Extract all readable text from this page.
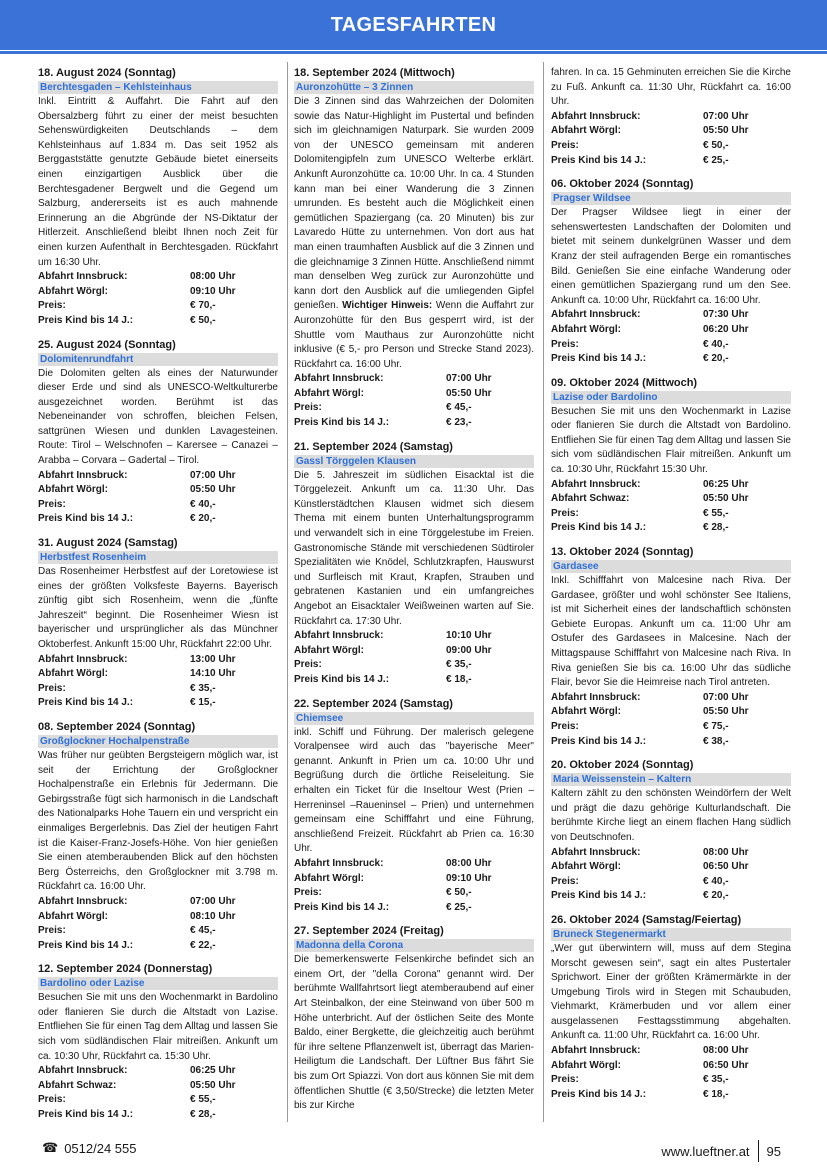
TAGESFAHRTEN
18. August 2024 (Sonntag)
Berchtesgaden – Kehlsteinhaus
Inkl. Eintritt & Auffahrt. Die Fahrt auf den Obersalzberg führt zu einer der meist besuchten Sehenswürdigkeiten Deutschlands – dem Kehlsteinhaus auf 1.834 m. Das seit 1952 als Berggaststätte genutzte Gebäude bietet einerseits einen einzigartigen Ausblick über die Berchtesgadener Bergwelt und die Gegend um Salzburg, andererseits ist es auch mahnende Erinnerung an die Abgründe der NS-Diktatur der Hitlerzeit. Anschließend bleibt Ihnen noch Zeit für einen kurzen Aufenthalt in Berchtesgaden. Rückfahrt um 16:30 Uhr.
Abfahrt Innsbruck:	08:00 Uhr
Abfahrt Wörgl:	09:10 Uhr
Preis:	€ 70,-
Preis Kind bis 14 J.:	€ 50,-
25. August 2024 (Sonntag)
Dolomitenrundfahrt
Die Dolomiten gelten als eines der Naturwunder dieser Erde und sind als UNESCO-Weltkulturerbe ausgezeichnet worden. Berühmt ist das Nebeneinander von schroffen, bleichen Felsen, sattgrünen Wiesen und dunklen Lavagesteinen. Route: Tirol – Welschnofen – Karersee – Canazei – Arabba – Corvara – Gadertal – Tirol.
Abfahrt Innsbruck:	07:00 Uhr
Abfahrt Wörgl:	05:50 Uhr
Preis:	€ 40,-
Preis Kind bis 14 J.:	€ 20,-
31. August 2024 (Samstag)
Herbstfest Rosenheim
Das Rosenheimer Herbstfest auf der Loretowiese ist eines der größten Volksfeste Bayerns. Bayerisch zünftig gibt sich Rosenheim, wenn die „fünfte Jahreszeit“ beginnt. Die Rosenheimer Wiesn ist bayerischer und ursprünglicher als das Münchner Oktoberfest. Ankunft 15:00 Uhr, Rückfahrt 22:00 Uhr.
Abfahrt Innsbruck:	13:00 Uhr
Abfahrt Wörgl:	14:10 Uhr
Preis:	€ 35,-
Preis Kind bis 14 J.:	€ 15,-
08. September 2024 (Sonntag)
Großglockner Hochalpenstraße
Was früher nur geübten Bergsteigern möglich war, ist seit der Errichtung der Großglockner Hochalpenstraße ein Erlebnis für Jedermann. Die Gebirgsstraße fügt sich harmonisch in die Landschaft des Nationalparks Hohe Tauern ein und verspricht ein einmaliges Bergerlebnis. Das Ziel der heutigen Fahrt ist die Kaiser-Franz-Josefs-Höhe. Von hier genießen Sie einen atemberaubenden Blick auf den höchsten Berg Österreichs, den Großglockner mit 3.798 m. Rückfahrt ca. 16:00 Uhr.
Abfahrt Innsbruck:	07:00 Uhr
Abfahrt Wörgl:	08:10 Uhr
Preis:	€ 45,-
Preis Kind bis 14 J.:	€ 22,-
12. September 2024 (Donnerstag)
Bardolino oder Lazise
Besuchen Sie mit uns den Wochenmarkt in Bardolino oder flanieren Sie durch die Altstadt von Lazise. Entfliehen Sie für einen Tag dem Alltag und lassen Sie sich vom südländischen Flair mitreißen. Ankunft um ca. 10:30 Uhr, Rückfahrt ca. 15:30 Uhr.
Abfahrt Innsbruck:	06:25 Uhr
Abfahrt Schwaz:	05:50 Uhr
Preis:	€ 55,-
Preis Kind bis 14 J.:	€ 28,-
18. September 2024 (Mittwoch)
Auronzohütte – 3 Zinnen
Die 3 Zinnen sind das Wahrzeichen der Dolomiten sowie das Natur-Highlight im Pustertal und befinden sich im gleichnamigen Naturpark. Sie wurden 2009 von der UNESCO gemeinsam mit anderen Dolomitengipfeln zum UNESCO Welterbe erklärt. Ankunft Auronzohütte ca. 10:00 Uhr. In ca. 4 Stunden kann man bei einer Wanderung die 3 Zinnen umrunden. Es besteht auch die Möglichkeit einen gemütlichen Spaziergang (ca. 20 Minuten) bis zur Lavaredo Hütte zu unternehmen. Von dort aus hat man einen traumhaften Ausblick auf die 3 Zinnen und die gleichnamige 3 Zinnen Hütte. Anschließend nimmt man denselben Weg zurück zur Auronzohütte und kann dort den Ausblick auf die umliegenden Gipfel genießen. Wichtiger Hinweis: Wenn die Auffahrt zur Auronzohütte für den Bus gesperrt wird, ist der Shuttle vom Mauthaus zur Auronzohütte nicht inklusive (€ 5,- pro Person und Strecke Stand 2023). Rückfahrt ca. 16:00 Uhr.
Abfahrt Innsbruck:	07:00 Uhr
Abfahrt Wörgl:	05:50 Uhr
Preis:	€ 45,-
Preis Kind bis 14 J.:	€ 23,-
21. September 2024 (Samstag)
Gassl Törggelen Klausen
Die 5. Jahreszeit im südlichen Eisacktal ist die Törggelezeit. Ankunft um ca. 11:30 Uhr. Das Künstlerstädtchen Klausen widmet sich diesem Thema mit einem bunten Unterhaltungsprogramm und verwandelt sich in eine Törggelestube im Freien. Gastronomische Stände mit verschiedenen Südtiroler Spezialitäten wie Knödel, Schlutzkrapfen, Hauswurst und Surfleisch mit Kraut, Krapfen, Strauben und gebratenen Kastanien und ein umfangreiches Angebot an Eisacktaler Weißweinen warten auf Sie. Rückfahrt ca. 17:30 Uhr.
Abfahrt Innsbruck:	10:10 Uhr
Abfahrt Wörgl:	09:00 Uhr
Preis:	€ 35,-
Preis Kind bis 14 J.:	€ 18,-
22. September 2024 (Samstag)
Chiemsee
inkl. Schiff und Führung. Der malerisch gelegene Voralpensee wird auch das "bayerische Meer" genannt. Ankunft in Prien um ca. 10:00 Uhr und Begrüßung durch die örtliche Reiseleitung. Sie erhalten ein Ticket für die Inseltour West (Prien – Herreninsel –Raueninsel – Prien) und unternehmen gemeinsam eine Schifffahrt und eine Führung, anschließend Freizeit. Rückfahrt ab Prien ca. 16:30 Uhr.
Abfahrt Innsbruck:	08:00 Uhr
Abfahrt Wörgl:	09:10 Uhr
Preis:	€ 50,-
Preis Kind bis 14 J.:	€ 25,-
27. September 2024 (Freitag)
Madonna della Corona
Die bemerkenswerte Felsenkirche befindet sich an einem Ort, der "della Corona" genannt wird. Der berühmte Wallfahrtsort liegt atemberaubend auf einer Art Steinbalkon, der eine Steinwand von über 500 m Höhe unterbricht. Auf der östlichen Seite des Monte Baldo, einer Bergkette, die gleichzeitig auch berühmt für ihre seltene Pflanzenwelt ist, überragt das Marien-Heiligtum die Landschaft. Der Lüftner Bus fährt Sie bis zum Ort Spiazzi. Von dort aus können Sie mit dem öffentlichen Shuttle (€ 3,50/Strecke) die letzten Meter bis zur Kirche
fahren. In ca. 15 Gehminuten erreichen Sie die Kirche zu Fuß. Ankunft ca. 11:30 Uhr, Rückfahrt ca. 16:00 Uhr.
Abfahrt Innsbruck:	07:00 Uhr
Abfahrt Wörgl:	05:50 Uhr
Preis:	€ 50,-
Preis Kind bis 14 J.:	€ 25,-
06. Oktober 2024 (Sonntag)
Pragser Wildsee
Der Pragser Wildsee liegt in einer der sehenswertesten Landschaften der Dolomiten und bietet mit seinem dunkelgrünen Wasser und dem Kranz der steil aufragenden Berge ein romantisches Bild. Genießen Sie eine einfache Wanderung oder einen gemütlichen Spaziergang rund um den See. Ankunft ca. 10:00 Uhr, Rückfahrt ca. 16:00 Uhr.
Abfahrt Innsbruck:	07:30 Uhr
Abfahrt Wörgl:	06:20 Uhr
Preis:	€ 40,-
Preis Kind bis 14 J.:	€ 20,-
09. Oktober 2024 (Mittwoch)
Lazise oder Bardolino
Besuchen Sie mit uns den Wochenmarkt in Lazise oder flanieren Sie durch die Altstadt von Bardolino. Entfliehen Sie für einen Tag dem Alltag und lassen Sie sich vom südländischen Flair mitreißen. Ankunft um ca. 10:30 Uhr, Rückfahrt 15:30 Uhr.
Abfahrt Innsbruck:	06:25 Uhr
Abfahrt Schwaz:	05:50 Uhr
Preis:	€ 55,-
Preis Kind bis 14 J.:	€ 28,-
13. Oktober 2024 (Sonntag)
Gardasee
Inkl. Schifffahrt von Malcesine nach Riva. Der Gardasee, größter und wohl schönster See Italiens, ist mit Sicherheit eines der landschaftlich schönsten Gebiete Europas. Ankunft um ca. 11:00 Uhr am Ostufer des Gardasees in Malcesine. Nach der Mittagspause Schifffahrt von Malcesine nach Riva. In Riva genießen Sie bis ca. 16:00 Uhr das südliche Flair, bevor Sie die Heimreise nach Tirol antreten.
Abfahrt Innsbruck:	07:00 Uhr
Abfahrt Wörgl:	05:50 Uhr
Preis:	€ 75,-
Preis Kind bis 14 J.:	€ 38,-
20. Oktober 2024 (Sonntag)
Maria Weissenstein – Kaltern
Kaltern zählt zu den schönsten Weindörfern der Welt und prägt die dazu gehörige Kulturlandschaft. Die berühmte Kirche liegt an einem flachen Hang südlich von Deutschnofen.
Abfahrt Innsbruck:	08:00 Uhr
Abfahrt Wörgl:	06:50 Uhr
Preis:	€ 40,-
Preis Kind bis 14 J.:	€ 20,-
26. Oktober 2024 (Samstag/Feiertag)
Bruneck Stegenermarkt
„Wer gut überwintern will, muss auf dem Stegina Morscht gewesen sein“, sagt ein altes Pustertaler Sprichwort. Einer der größten Krämermärkte in der Umgebung Tirols wird in Stegen mit Schaubuden, Viehmarkt, Krämerbuden und vor allem einer ausgelassenen Festtagsstimmung abgehalten. Ankunft ca. 11:00 Uhr, Rückfahrt ca. 16:00 Uhr.
Abfahrt Innsbruck:	08:00 Uhr
Abfahrt Wörgl:	06:50 Uhr
Preis:	€ 35,-
Preis Kind bis 14 J.:	€ 18,-
☎ 0512/24 555	www.lueftner.at 95
